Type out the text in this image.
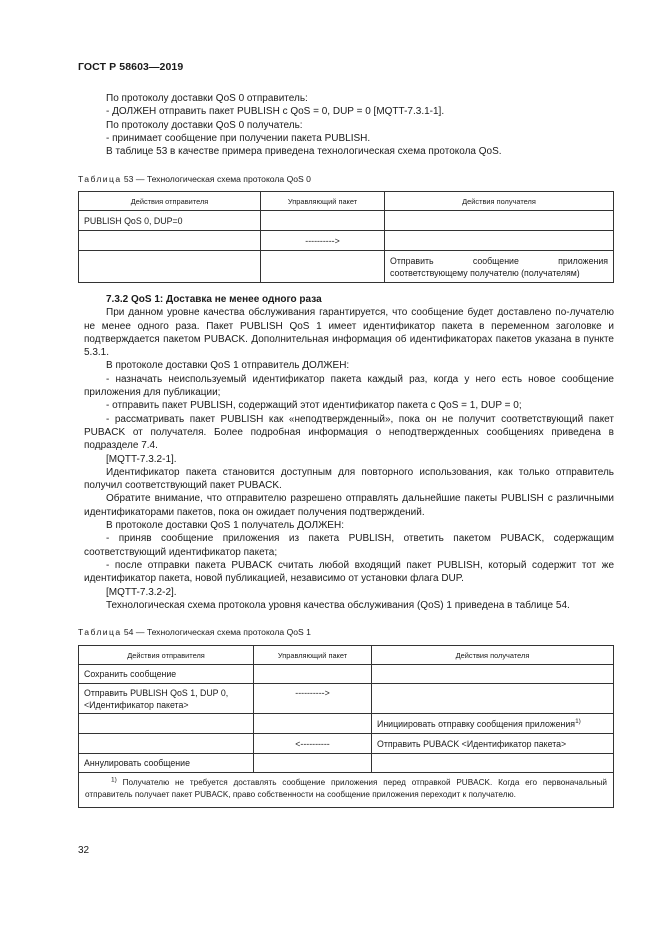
ГОСТ Р 58603—2019

По протоколу доставки QoS 0 отправитель:

- ДОЛЖЕН отправить пакет PUBLISH с QoS = 0, DUP = 0 [MQTT-7.3.1-1].

По протоколу доставки QoS 0 получатель:

- принимает сообщение при получении пакета PUBLISH.

В таблице 53 в качестве примера приведена технологическая схема протокола QoS.

Таблица 53 — Технологическая схема протокола QoS 0
Действия отправителя	Управляющий пакет	Действия получателя
PUBLISH QoS 0, DUP=0		
	---------->	
		Отправить сообщение приложения соответствующему получателю (получателям)

7.3.2 QoS 1: Доставка не менее одного раза

При данном уровне качества обслуживания гарантируется, что сообщение будет доставлено по-лучателю не менее одного раза. Пакет PUBLISH QoS 1 имеет идентификатор пакета в переменном заголовке и подтверждается пакетом PUBACK. Дополнительная информация об идентификаторах пакетов указана в пункте 5.3.1.

В протоколе доставки QoS 1 отправитель ДОЛЖЕН:

- назначать неиспользуемый идентификатор пакета каждый раз, когда у него есть новое сообщение приложения для публикации;

- отправить пакет PUBLISH, содержащий этот идентификатор пакета с QoS = 1, DUP = 0;

- рассматривать пакет PUBLISH как «неподтвержденный», пока он не получит соответствующий пакет PUBACK от получателя. Более подробная информация о неподтвержденных сообщениях приведена в подразделе 7.4.

[MQTT-7.3.2-1].

Идентификатор пакета становится доступным для повторного использования, как только отправитель получил соответствующий пакет PUBACK.

Обратите внимание, что отправителю разрешено отправлять дальнейшие пакеты PUBLISH с различными идентификаторами пакетов, пока он ожидает получения подтверждений.

В протоколе доставки QoS 1 получатель ДОЛЖЕН:

- приняв сообщение приложения из пакета PUBLISH, ответить пакетом PUBACK, содержащим соответствующий идентификатор пакета;

- после отправки пакета PUBACK считать любой входящий пакет PUBLISH, который содержит тот же идентификатор пакета, новой публикацией, независимо от установки флага DUP.

[MQTT-7.3.2-2].

Технологическая схема протокола уровня качества обслуживания (QoS) 1 приведена в таблице 54.

Таблица 54 — Технологическая схема протокола QoS 1
Действия отправителя	Управляющий пакет	Действия получателя
Сохранить сообщение		
Отправить PUBLISH QoS 1, DUP 0, <Идентификатор пакета>	---------->	
		Инициировать отправку сообщения приложения$^{1)}$
	<----------	Отправить PUBACK <Идентификатор пакета>
Аннулировать сообщение		
$^{1)}$ Получателю не требуется доставлять сообщение приложения перед отправкой PUBACK. Когда его первоначальный отправитель получает пакет PUBACK, право собственности на сообщение приложения переходит к получателю.		
32
